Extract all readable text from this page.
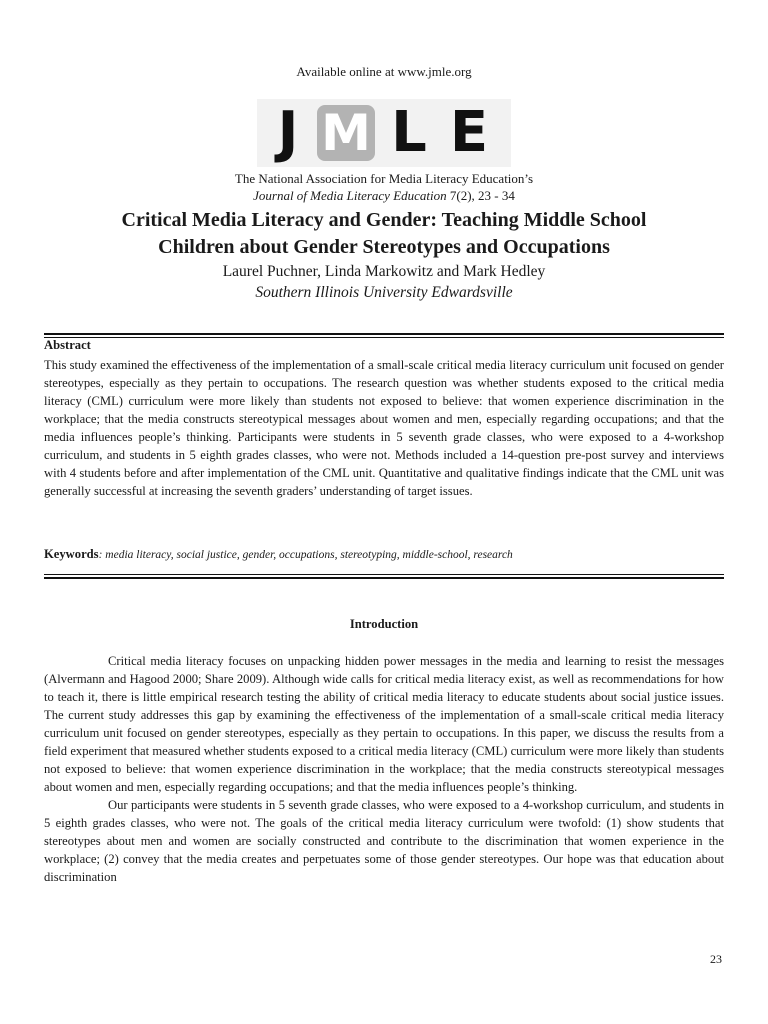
Available online at www.jmle.org
J M L E
The National Association for Media Literacy Education’s
Journal of Media Literacy Education 7(2), 23 - 34
Critical Media Literacy and Gender: Teaching Middle School
Children about Gender Stereotypes and Occupations
Laurel Puchner, Linda Markowitz and Mark Hedley
Southern Illinois University Edwardsville
Abstract
This study examined the effectiveness of the implementation of a small-scale critical media literacy curriculum unit focused on gender stereotypes, especially as they pertain to occupations. The research question was whether students exposed to the critical media literacy (CML) curriculum were more likely than students not exposed to believe: that women experience discrimination in the workplace; that the media constructs stereotypical messages about women and men, especially regarding occupations; and that the media influences people’s thinking. Participants were students in 5 seventh grade classes, who were exposed to a 4-workshop curriculum, and students in 5 eighth grades classes, who were not. Methods included a 14-question pre-post survey and interviews with 4 students before and after implementation of the CML unit. Quantitative and qualitative findings indicate that the CML unit was generally successful at increasing the seventh graders’ understanding of target issues.
Keywords: media literacy, social justice, gender, occupations, stereotyping, middle-school, research
Introduction

Critical media literacy focuses on unpacking hidden power messages in the media and learning to resist the messages (Alvermann and Hagood 2000; Share 2009). Although wide calls for critical media literacy exist, as well as recommendations for how to teach it, there is little empirical research testing the ability of critical media literacy to educate students about social justice issues. The current study addresses this gap by examining the effectiveness of the implementation of a small-scale critical media literacy curriculum unit focused on gender stereotypes, especially as they pertain to occupations. In this paper, we discuss the results from a field experiment that measured whether students exposed to a critical media literacy (CML) curriculum were more likely than students not exposed to believe: that women experience discrimination in the workplace; that the media constructs stereotypical messages about women and men, especially regarding occupations; and that the media influences people’s thinking.

Our participants were students in 5 seventh grade classes, who were exposed to a 4-workshop curriculum, and students in 5 eighth grades classes, who were not. The goals of the critical media literacy curriculum were twofold: (1) show students that stereotypes about men and women are socially constructed and contribute to the discrimination that women experience in the workplace; (2) convey that the media creates and perpetuates some of those gender stereotypes. Our hope was that education about discrimination

23
